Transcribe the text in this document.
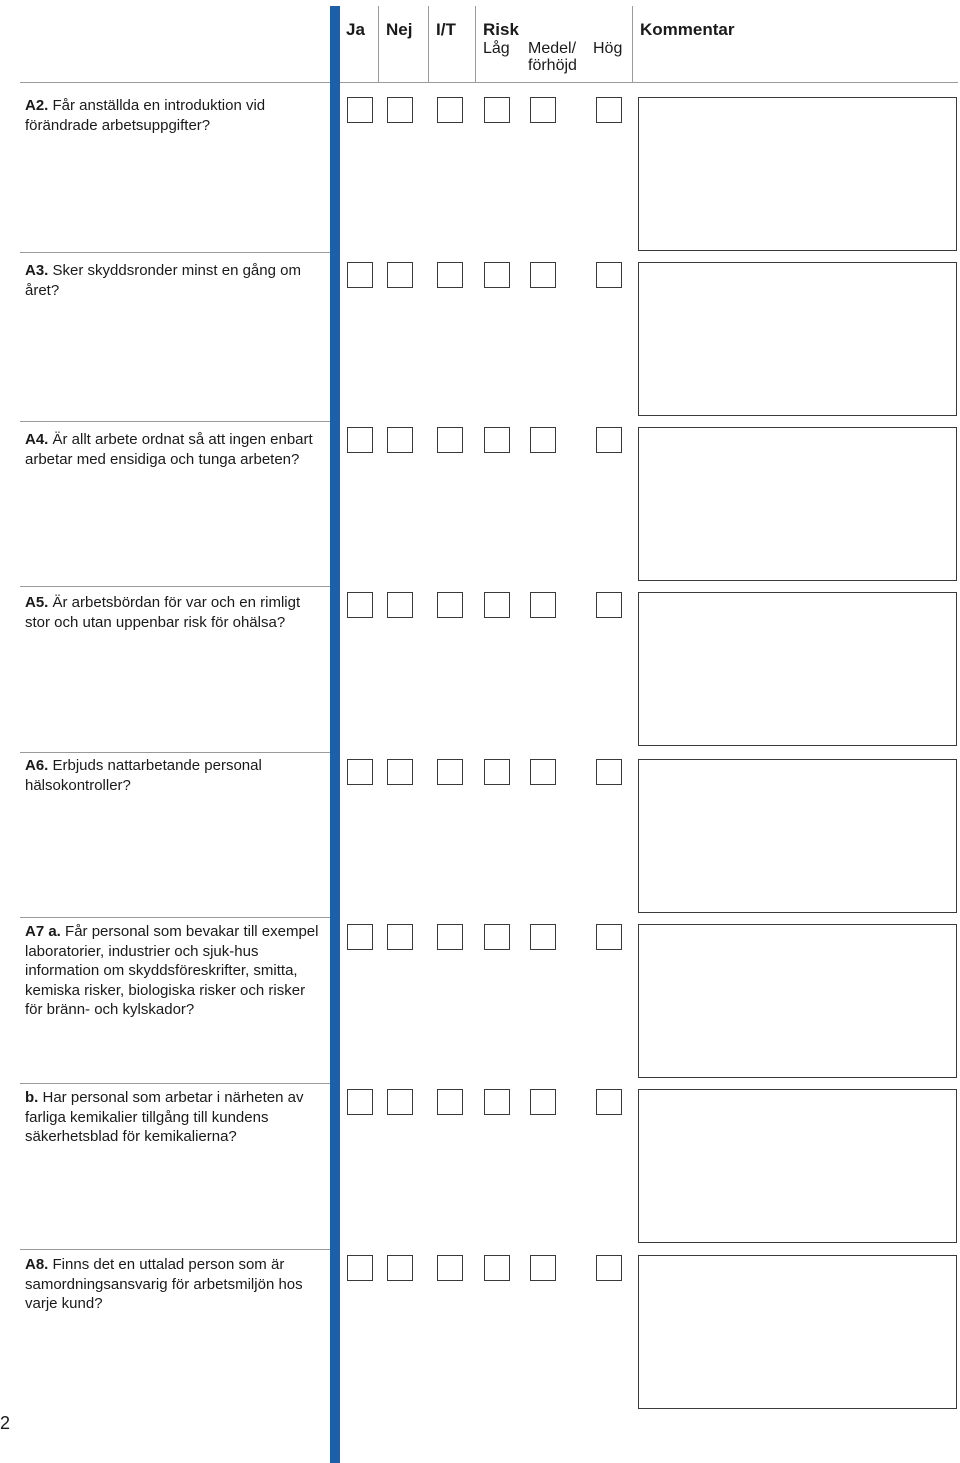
Ja Nej I/T Risk
Låg Medel/
förhöjd
Hög
Kommentar
A2. Får anställda en introduktion vid förändrade arbetsuppgifter?
A3. Sker skyddsronder minst en gång om året?
A4. Är allt arbete ordnat så att ingen enbart arbetar med ensidiga och tunga arbeten?
A5. Är arbetsbördan för var och en rimligt stor och utan uppenbar risk för ohälsa?
A6. Erbjuds nattarbetande personal hälsokontroller?
A7 a. Får personal som bevakar till exempel laboratorier, industrier och sjuk-hus information om skyddsföreskrifter, smitta, kemiska risker, biologiska risker och risker för bränn- och kylskador?
b. Har personal som arbetar i närheten av farliga kemikalier tillgång till kundens säkerhetsblad för kemikalierna?
A8. Finns det en uttalad person som är samordningsansvarig för arbetsmiljön hos varje kund?
2
